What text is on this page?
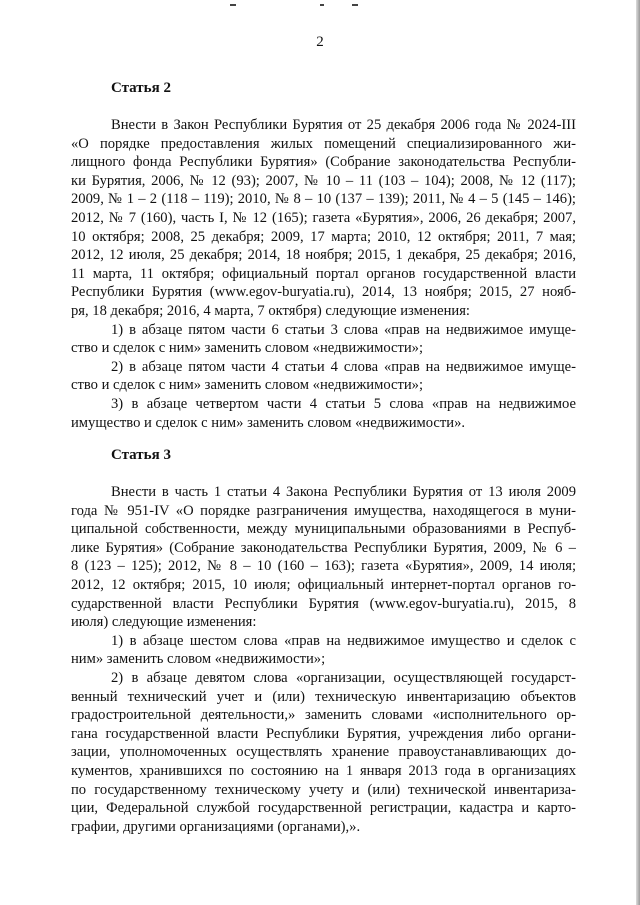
2
Статья 2
Внести в Закон Республики Бурятия от 25 декабря 2006 года № 2024-III
«О порядке предоставления жилых помещений специализированного жи-
лищного фонда Республики Бурятия» (Собрание законодательства Республи-
ки Бурятия, 2006, № 12 (93); 2007, № 10 – 11 (103 – 104); 2008, № 12 (117);
2009, № 1 – 2 (118 – 119); 2010, № 8 – 10 (137 – 139); 2011, № 4 – 5 (145 – 146);
2012, № 7 (160), часть I, № 12 (165); газета «Бурятия», 2006, 26 декабря; 2007,
10 октября; 2008, 25 декабря; 2009, 17 марта; 2010, 12 октября; 2011, 7 мая;
2012, 12 июля, 25 декабря; 2014, 18 ноября; 2015, 1 декабря, 25 декабря; 2016,
11 марта, 11 октября; официальный портал органов государственной власти
Республики Бурятия (www.egov-buryatia.ru), 2014, 13 ноября; 2015, 27 нояб-
ря, 18 декабря; 2016, 4 марта, 7 октября) следующие изменения:
1) в абзаце пятом части 6 статьи 3 слова «прав на недвижимое имуще-
ство и сделок с ним» заменить словом «недвижимости»;
2) в абзаце пятом части 4 статьи 4 слова «прав на недвижимое имуще-
ство и сделок с ним» заменить словом «недвижимости»;
3) в абзаце четвертом части 4 статьи 5 слова «прав на недвижимое
имущество и сделок с ним» заменить словом «недвижимости».
Статья 3
Внести в часть 1 статьи 4 Закона Республики Бурятия от 13 июля 2009
года № 951-IV «О порядке разграничения имущества, находящегося в муни-
ципальной собственности, между муниципальными образованиями в Респуб-
лике Бурятия» (Собрание законодательства Республики Бурятия, 2009, № 6 –
8 (123 – 125); 2012, № 8 – 10 (160 – 163); газета «Бурятия», 2009, 14 июля;
2012, 12 октября; 2015, 10 июля; официальный интернет-портал органов го-
сударственной власти Республики Бурятия (www.egov-buryatia.ru), 2015, 8
июля) следующие изменения:
1) в абзаце шестом слова «прав на недвижимое имущество и сделок с
ним» заменить словом «недвижимости»;
2) в абзаце девятом слова «организации, осуществляющей государст-
венный технический учет и (или) техническую инвентаризацию объектов
градостроительной деятельности,» заменить словами «исполнительного ор-
гана государственной власти Республики Бурятия, учреждения либо органи-
зации, уполномоченных осуществлять хранение правоустанавливающих до-
кументов, хранившихся по состоянию на 1 января 2013 года в организациях
по государственному техническому учету и (или) технической инвентаризa-
ции, Федеральной службой государственной регистрации, кадастра и карто-
графии, другими организациями (органами),».
